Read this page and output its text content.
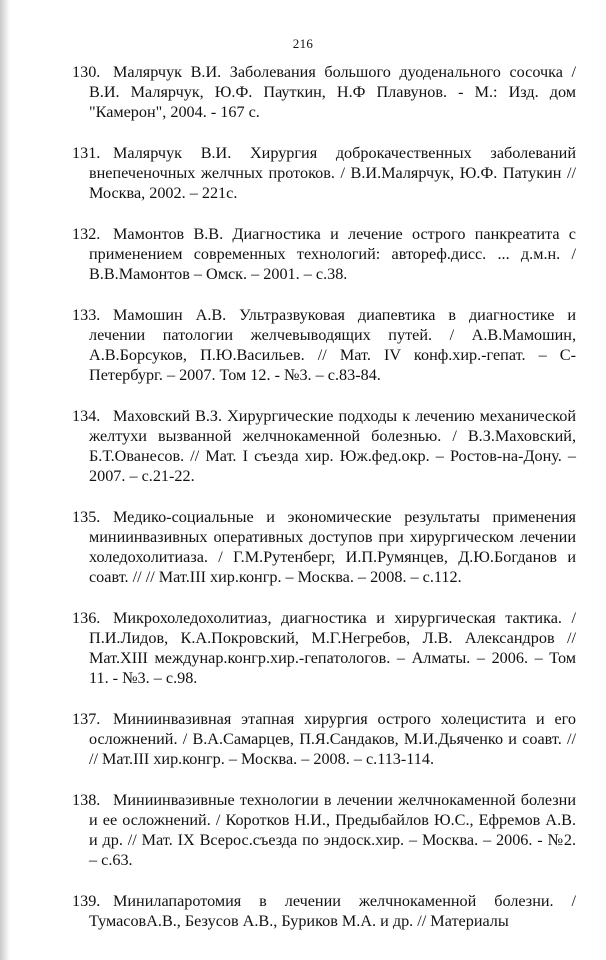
216

130. Малярчук В.И. Заболевания большого дуоденального сосочка / В.И. Малярчук, Ю.Ф. Пауткин, Н.Ф Плавунов. - М.: Изд. дом "Камерон", 2004. - 167 с.

131. Малярчук В.И. Хирургия доброкачественных заболеваний внепеченочных желчных протоков. / В.И.Малярчук, Ю.Ф. Патукин // Москва, 2002. – 221с.

132. Мамонтов В.В. Диагностика и лечение острого панкреатита с применением современных технологий: автореф.дисс. ... д.м.н. / В.В.Мамонтов – Омск. – 2001. – с.38.

133. Мамошин А.В. Ультразвуковая диапевтика в диагностике и лечении патологии желчевыводящих путей. / А.В.Мамошин, А.В.Борсуков, П.Ю.Васильев. // Мат. IV конф.хир.-гепат. – С-Петербург. – 2007. Том 12. - №3. – с.83-84.

134. Маховский В.З. Хирургические подходы к лечению механической желтухи вызванной желчнокаменной болезнью. / В.З.Маховский, Б.Т.Ованесов. // Мат. I съезда хир. Юж.фед.окр. – Ростов-на-Дону. – 2007. – с.21-22.

135. Медико-социальные и экономические результаты применения миниинвазивных оперативных доступов при хирургическом лечении холедохолитиаза. / Г.М.Рутенберг, И.П.Румянцев, Д.Ю.Богданов и соавт. // // Мат.III хир.конгр. – Москва. – 2008. – с.112.

136. Микрохоледохолитиаз, диагностика и хирургическая тактика. / П.И.Лидов, К.А.Покровский, М.Г.Негребов, Л.В. Александров // Мат.XIII междунар.конгр.хир.-гепатологов. – Алматы. – 2006. – Том 11. - №3. – с.98.

137. Миниинвазивная этапная хирургия острого холецистита и его осложнений. / В.А.Самарцев, П.Я.Сандаков, М.И.Дьяченко и соавт. // // Мат.III хир.конгр. – Москва. – 2008. – с.113-114.

138. Миниинвазивные технологии в лечении желчнокаменной болезни и ее осложнений. / Коротков Н.И., Предыбайлов Ю.С., Ефремов А.В. и др. // Мат. IX Всерос.съезда по эндоск.хир. – Москва. – 2006. - №2. – с.63.

139. Минилапаротомия в лечении желчнокаменной болезни. / ТумасовА.В., Безусов А.В., Буриков М.А. и др. // Материалы
